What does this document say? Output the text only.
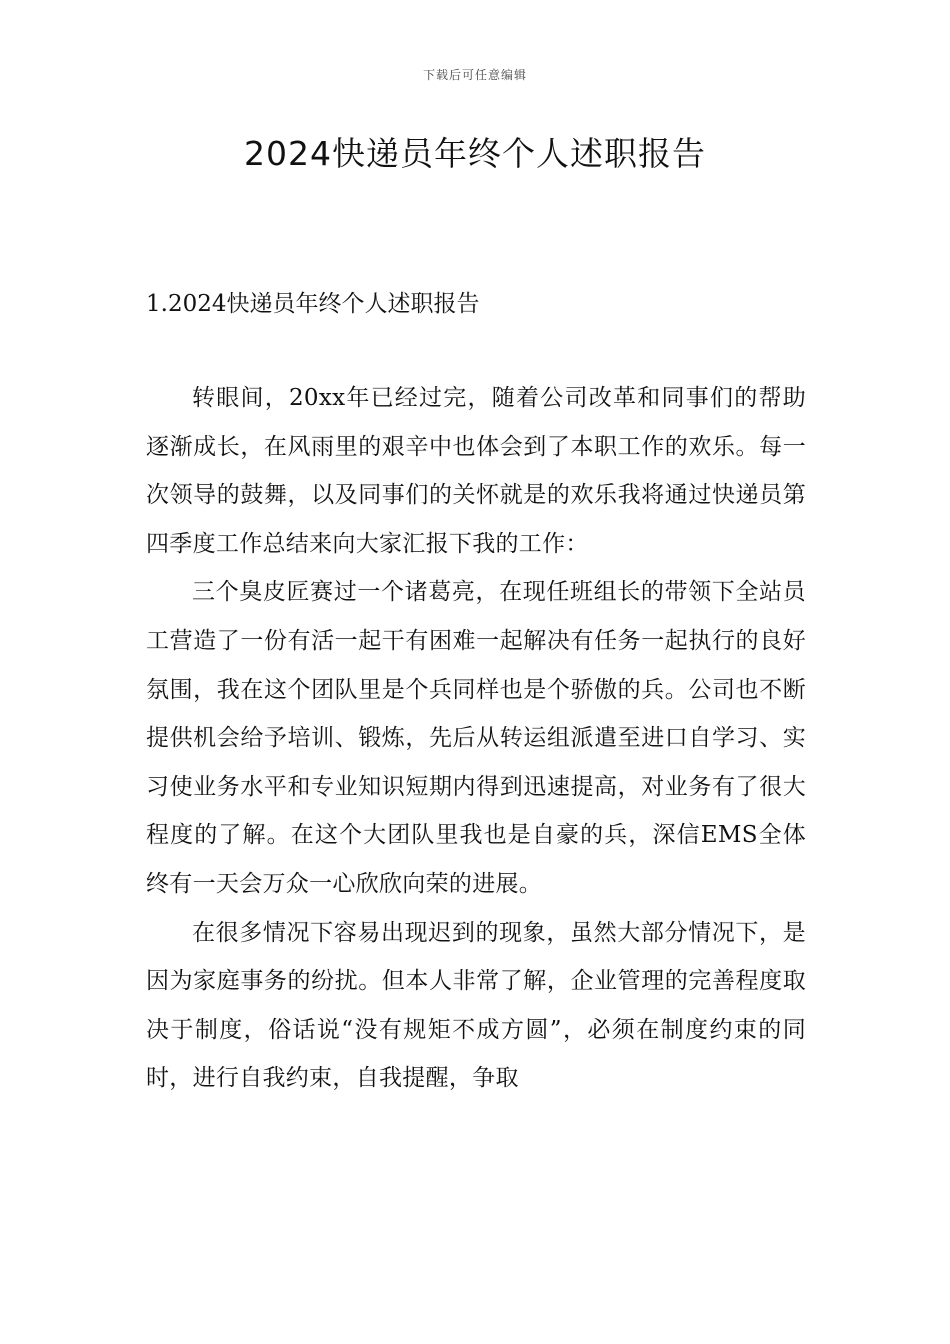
下载后可任意编辑
2024快递员年终个人述职报告
1.2024快递员年终个人述职报告

转眼间，20xx年已经过完，随着公司改革和同事们的帮助逐渐成长，在风雨里的艰辛中也体会到了本职工作的欢乐。每一次领导的鼓舞，以及同事们的关怀就是的欢乐我将通过快递员第四季度工作总结来向大家汇报下我的工作：

三个臭皮匠赛过一个诸葛亮，在现任班组长的带领下全站员工营造了一份有活一起干有困难一起解决有任务一起执行的良好氛围，我在这个团队里是个兵同样也是个骄傲的兵。公司也不断提供机会给予培训、锻炼，先后从转运组派遣至进口自学习、实习使业务水平和专业知识短期内得到迅速提高，对业务有了很大程度的了解。在这个大团队里我也是自豪的兵，深信EMS全体终有一天会万众一心欣欣向荣的进展。

在很多情况下容易出现迟到的现象，虽然大部分情况下，是因为家庭事务的纷扰。但本人非常了解，企业管理的完善程度取决于制度，俗话说“没有规矩不成方圆”，必须在制度约束的同时，进行自我约束，自我提醒，争取
